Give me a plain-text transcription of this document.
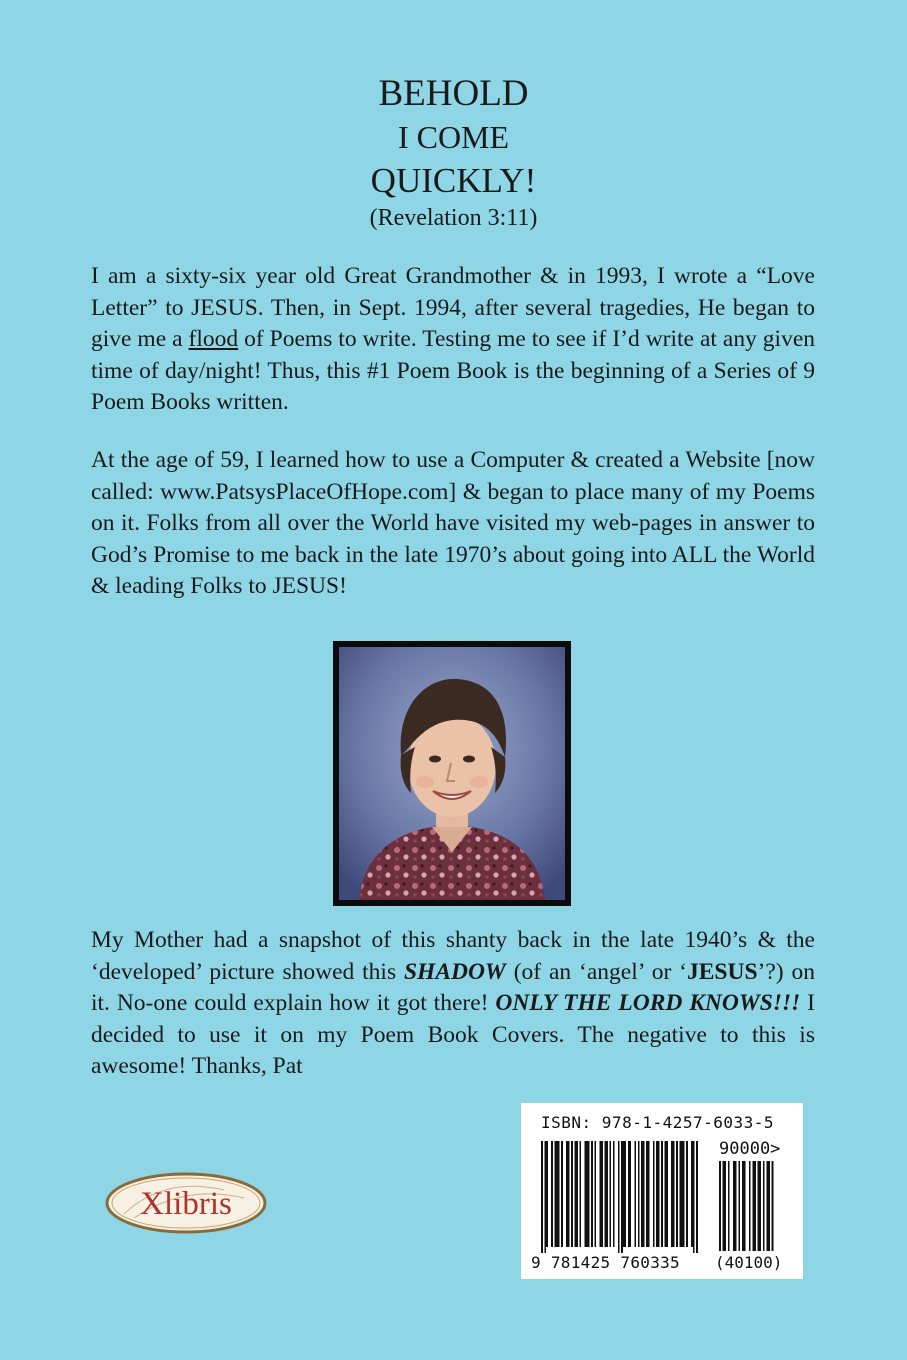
BEHOLD
I COME
QUICKLY!
(Revelation 3:11)
I am a sixty-six year old Great Grandmother & in 1993, I wrote a “Love Letter” to JESUS. Then, in Sept. 1994, after several tragedies, He began to give me a flood of Poems to write. Testing me to see if I’d write at any given time of day/night! Thus, this #1 Poem Book is the beginning of a Series of 9 Poem Books written.
At the age of 59, I learned how to use a Computer & created a Website [now called: www.PatsysPlaceOfHope.com] & began to place many of my Poems on it. Folks from all over the World have visited my web-pages in answer to God’s Promise to me back in the late 1970’s about going into ALL the World & leading Folks to JESUS!
My Mother had a snapshot of this shanty back in the late 1940’s & the ‘developed’ picture showed this SHADOW (of an ‘angel’ or ‘JESUS’?) on it. No-one could explain how it got there! ONLY THE LORD KNOWS!!! I decided to use it on my Poem Book Covers. The negative to this is awesome! Thanks, Pat
Xlibris
ISBN: 978-1-4257-6033-5
90000>
9 781425 760335 (40100)
